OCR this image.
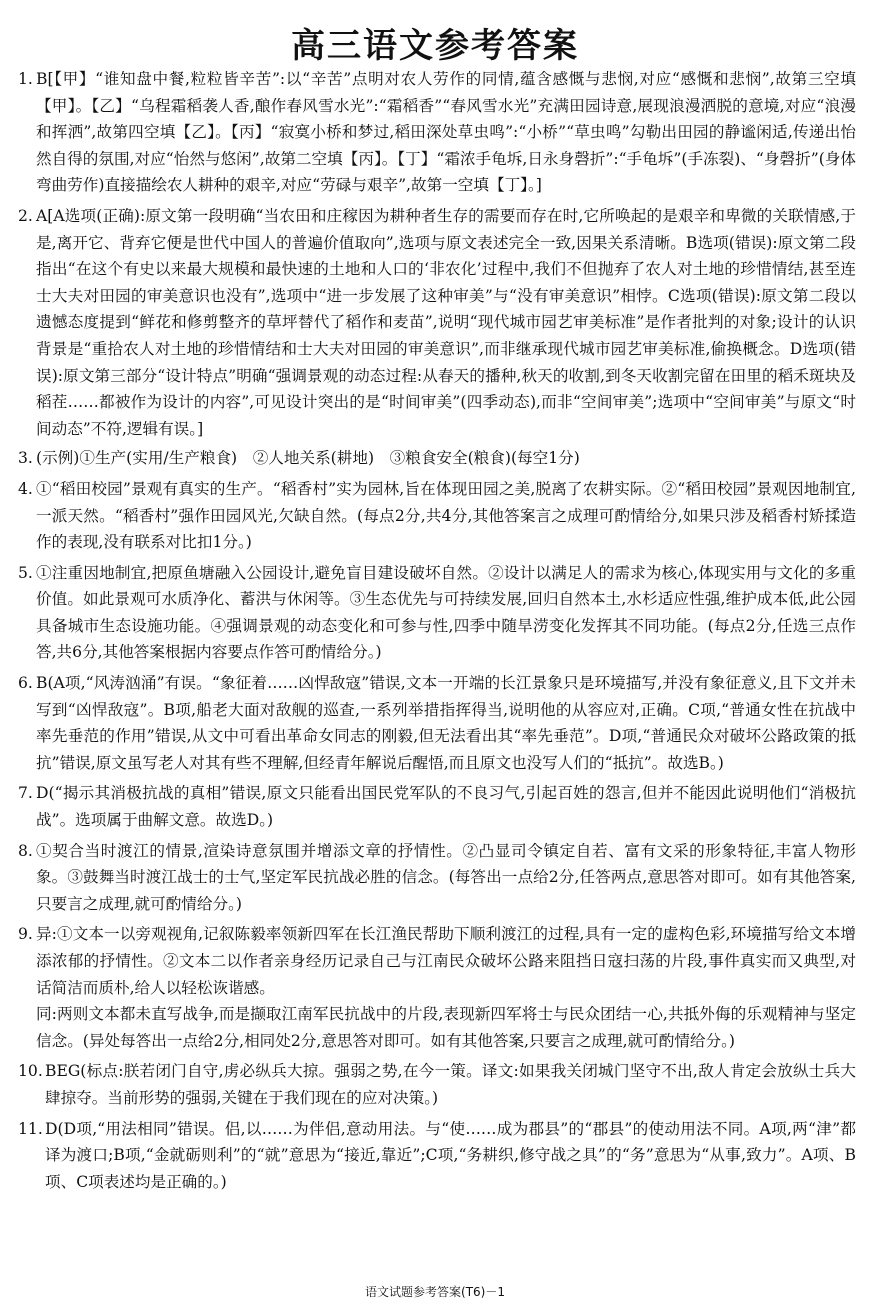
高三语文参考答案
1. B[【甲】“谁知盘中餐,粒粒皆辛苦”:以“辛苦”点明对农人劳作的同情,蕴含感慨与悲悯,对应“感慨和悲悯”,故第三空填【甲】。【乙】“乌程霜稻袭人香,酿作春风雪水光”:“霜稻香”“春风雪水光”充满田园诗意,展现浪漫洒脱的意境,对应“浪漫和挥洒”,故第四空填【乙】。【丙】“寂寞小桥和梦过,稻田深处草虫鸣”:“小桥”“草虫鸣”勾勒出田园的静谧闲适,传递出怡然自得的氛围,对应“怡然与悠闲”,故第二空填【丙】。【丁】“霜浓手龟坼,日永身磬折”:“手龟坼”(手冻裂)、“身磬折”(身体弯曲劳作)直接描绘农人耕种的艰辛,对应“劳碌与艰辛”,故第一空填【丁】。]

2. A[A选项(正确):原文第一段明确“当农田和庄稼因为耕种者生存的需要而存在时,它所唤起的是艰辛和卑微的关联情感,于是,离开它、背弃它便是世代中国人的普遍价值取向”,选项与原文表述完全一致,因果关系清晰。B选项(错误):原文第二段指出“在这个有史以来最大规模和最快速的土地和人口的‘非农化’过程中,我们不但抛弃了农人对土地的珍惜情结,甚至连士大夫对田园的审美意识也没有”,选项中“进一步发展了这种审美”与“没有审美意识”相悖。C选项(错误):原文第二段以遗憾态度提到“鲜花和修剪整齐的草坪替代了稻作和麦苗”,说明“现代城市园艺审美标准”是作者批判的对象;设计的认识背景是“重拾农人对土地的珍惜情结和士大夫对田园的审美意识”,而非继承现代城市园艺审美标准,偷换概念。D选项(错误):原文第三部分“设计特点”明确“强调景观的动态过程:从春天的播种,秋天的收割,到冬天收割完留在田里的稻禾斑块及稻茬……都被作为设计的内容”,可见设计突出的是“时间审美”(四季动态),而非“空间审美”;选项中“空间审美”与原文“时间动态”不符,逻辑有误。]

3. (示例)①生产(实用/生产粮食)　②人地关系(耕地)　③粮食安全(粮食)(每空1分)

4. ①“稻田校园”景观有真实的生产。“稻香村”实为园林,旨在体现田园之美,脱离了农耕实际。②“稻田校园”景观因地制宜,一派天然。“稻香村”强作田园风光,欠缺自然。(每点2分,共4分,其他答案言之成理可酌情给分,如果只涉及稻香村矫揉造作的表现,没有联系对比扣1分。)

5. ①注重因地制宜,把原鱼塘融入公园设计,避免盲目建设破坏自然。②设计以满足人的需求为核心,体现实用与文化的多重价值。如此景观可水质净化、蓄洪与休闲等。③生态优先与可持续发展,回归自然本土,水杉适应性强,维护成本低,此公园具备城市生态设施功能。④强调景观的动态变化和可参与性,四季中随旱涝变化发挥其不同功能。(每点2分,任选三点作答,共6分,其他答案根据内容要点作答可酌情给分。)

6. B(A项,“风涛汹涌”有误。“象征着……凶悍敌寇”错误,文本一开端的长江景象只是环境描写,并没有象征意义,且下文并未写到“凶悍敌寇”。B项,船老大面对敌舰的巡查,一系列举措指挥得当,说明他的从容应对,正确。C项,“普通女性在抗战中率先垂范的作用”错误,从文中可看出革命女同志的刚毅,但无法看出其“率先垂范”。D项,“普通民众对破坏公路政策的抵抗”错误,原文虽写老人对其有些不理解,但经青年解说后醒悟,而且原文也没写人们的“抵抗”。故选B。)

7. D(“揭示其消极抗战的真相”错误,原文只能看出国民党军队的不良习气,引起百姓的怨言,但并不能因此说明他们“消极抗战”。选项属于曲解文意。故选D。)

8. ①契合当时渡江的情景,渲染诗意氛围并增添文章的抒情性。②凸显司令镇定自若、富有文采的形象特征,丰富人物形象。③鼓舞当时渡江战士的士气,坚定军民抗战必胜的信念。(每答出一点给2分,任答两点,意思答对即可。如有其他答案,只要言之成理,就可酌情给分。)

9. 异:①文本一以旁观视角,记叙陈毅率领新四军在长江渔民帮助下顺利渡江的过程,具有一定的虚构色彩,环境描写给文本增添浓郁的抒情性。②文本二以作者亲身经历记录自己与江南民众破坏公路来阻挡日寇扫荡的片段,事件真实而又典型,对话简洁而质朴,给人以轻松诙谐感。

同:两则文本都未直写战争,而是撷取江南军民抗战中的片段,表现新四军将士与民众团结一心,共抵外侮的乐观精神与坚定信念。(异处每答出一点给2分,相同处2分,意思答对即可。如有其他答案,只要言之成理,就可酌情给分。)

10. BEG(标点:朕若闭门自守,虏必纵兵大掠。强弱之势,在今一策。译文:如果我关闭城门坚守不出,敌人肯定会放纵士兵大肆掠夺。当前形势的强弱,关键在于我们现在的应对决策。)

11. D(D项,“用法相同”错误。侣,以……为伴侣,意动用法。与“使……成为郡县”的“郡县”的使动用法不同。A项,两“津”都译为渡口;B项,“金就砺则利”的“就”意思为“接近,靠近”;C项,“务耕织,修守战之具”的“务”意思为“从事,致力”。A项、B项、C项表述均是正确的。)

语文试题参考答案(T6)－1
